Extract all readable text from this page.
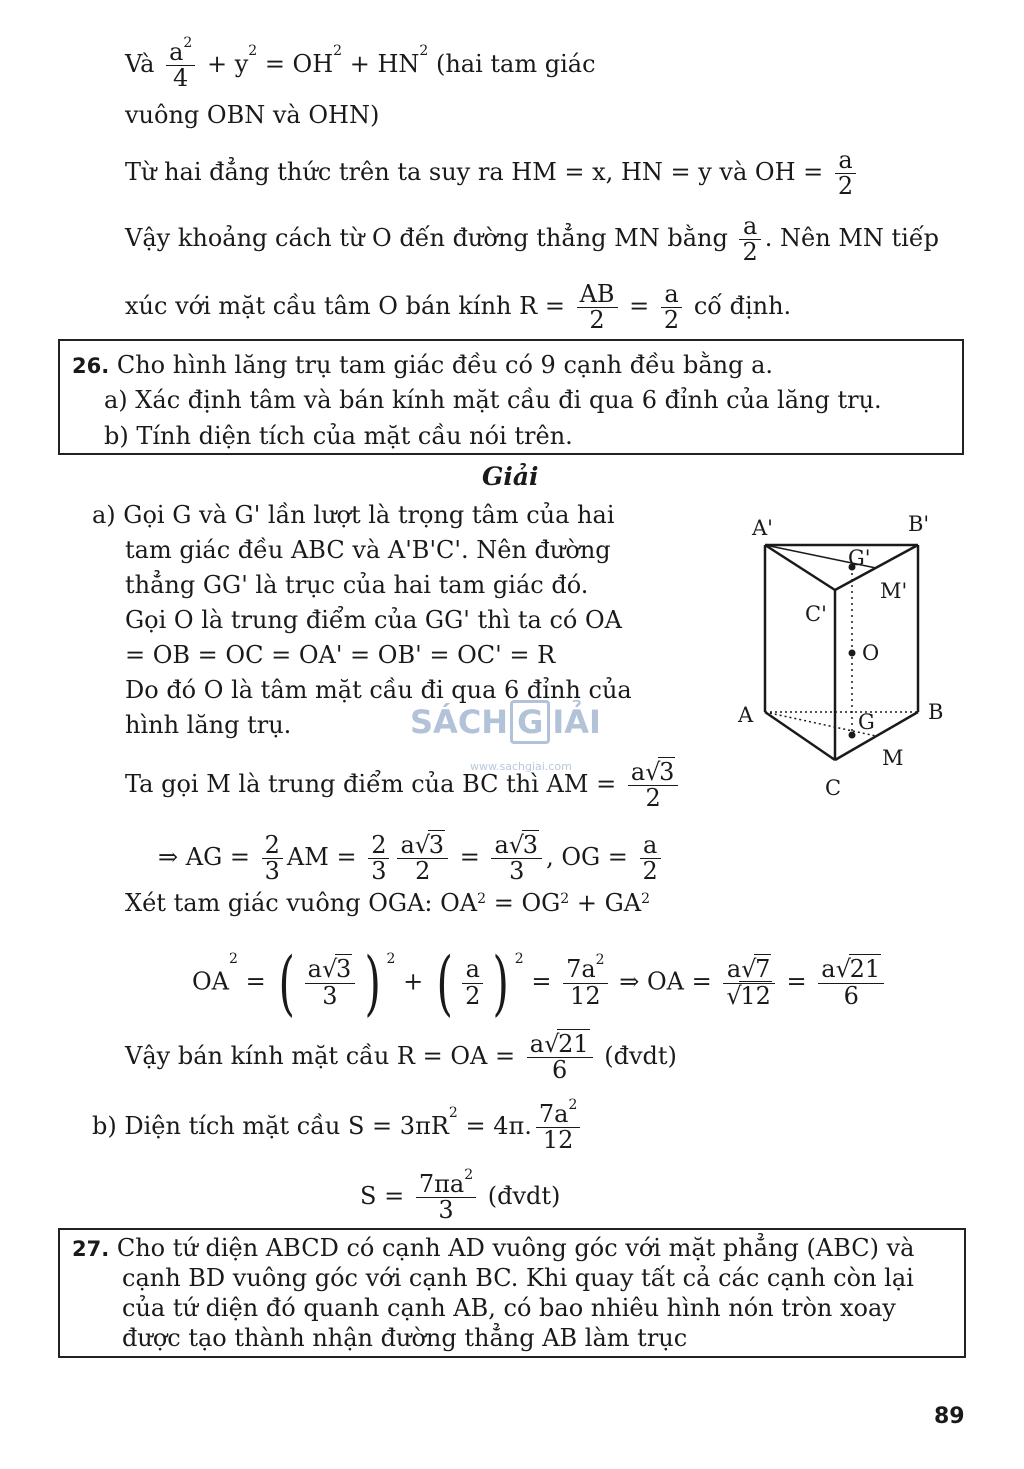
Và $\frac{a^2}{4} + y^2 = OH^2 + HN^2$ (hai tam giác
vuông OBN và OHN)
Từ hai đẳng thức trên ta suy ra HM = x, HN = y và OH = $\frac{a}{2}$
Vậy khoảng cách từ O đến đường thẳng MN bằng $\frac{a}{2}$ . Nên MN tiếp
xúc với mặt cầu tâm O bán kính $R = \frac{AB}{2} = \frac{a}{2}$ cố định.
26. Cho hình lăng trụ tam giác đều có 9 cạnh đều bằng a.
a) Xác định tâm và bán kính mặt cầu đi qua 6 đỉnh của lăng trụ.
b) Tính diện tích của mặt cầu nói trên.
Giải
a) Gọi G và G' lần lượt là trọng tâm của hai
tam giác đều ABC và A'B'C'. Nên đường
thẳng GG' là trục của hai tam giác đó.
Gọi O là trung điểm của GG' thì ta có OA
= OB = OC = OA' = OB' = OC' = R
Do đó O là tâm mặt cầu đi qua 6 đỉnh của
hình lăng trụ.	SÁCH G IẢI
www.sachgiai.com
Ta gọi M là trung điểm của BC thì AM = $\frac{a √ 3}{2}$
⇒ AG = $\frac{2}{3}$ AM = $\frac{2}{3} \frac{a √ 3}{2} = \frac{a √ 3}{3}$ , OG = $\frac{a}{2}$
Xét tam giác vuông OGA: $OA^2 = OG^2 + GA^2$
$OA^2$ = ( $\frac{a √ 3}{3}$ ) $^2$ + ( $\frac{a}{2}$ ) $^2 = \frac{7a^2}{12}$ ⇒ OA = a √ 7
√ $12 = \frac{a √ 21}{6}$
Vậy bán kính mặt cầu R = OA = $\frac{a √ 21}{6}$ (đvdt)
b) Diện tích mặt cầu $S = 3\pi R^2 = 4\pi$. $\frac{7a^2}{12}$
$S = \frac{7\pi a^2}{3}$ (đvdt)
A'	B'
G'
M'
C'
O
A	B
G
M
C
27. Cho tứ diện ABCD có cạnh AD vuông góc với mặt phẳng (ABC) và
cạnh BD vuông góc với cạnh BC. Khi quay tất cả các cạnh còn lại
của tứ diện đó quanh cạnh AB, có bao nhiêu hình nón tròn xoay
được tạo thành nhận đường thẳng AB làm trục
89
